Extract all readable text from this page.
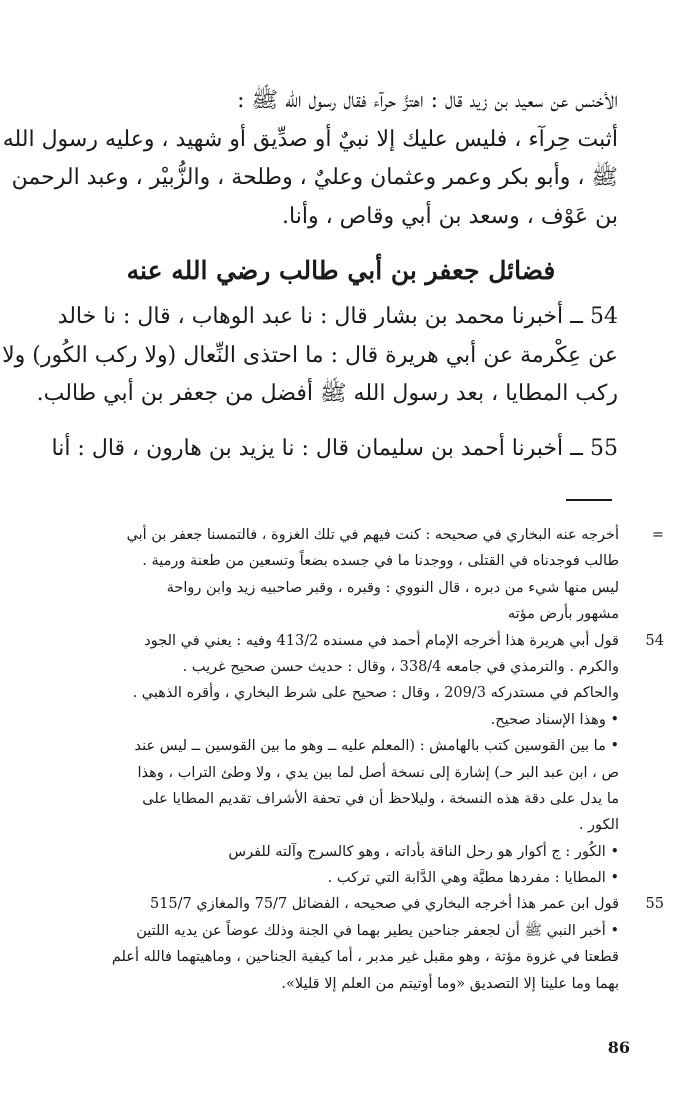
الأخنس عن سعيد بن زيد قال : اهتزَّ حرآء فقال رسول الله ﷺ :
أثبت حِرآء ، فليس عليك إلا نبيٌ أو صدِّيق أو شهيد ، وعليه رسول الله
ﷺ ، وأبو بكر وعمر وعثمان وعليٌ ، وطلحة ، والزُّبيْر ، وعبد الرحمن
بن عَوْف ، وسعد بن أبي وقاص ، وأنا.
فضائل جعفر بن أبي طالب رضي الله عنه
54 ــ أخبرنا محمد بن بشار قال : نا عبد الوهاب ، قال : نا خالد
عن عِكْرمة عن أبي هريرة قال : ما احتذى النِّعال (ولا ركب الكُور) ولا
ركب المطايا ، بعد رسول الله ﷺ أفضل من جعفر بن أبي طالب.
55 ــ أخبرنا أحمد بن سليمان قال : نا يزيد بن هارون ، قال : أنا
=
أخرجه عنه البخاري في صحيحه : كنت فيهم في تلك الغزوة ، فالتمسنا جعفر بن أبي
طالب فوجدناه في القتلى ، ووجدنا ما في جسده بضعاً وتسعين من طعنة ورمية .
ليس منها شيء من دبره ، قال النووي : وقبره ، وقبر صاحبيه زيد وابن رواحة
مشهور بأرض مؤته
54
قول أبي هريرة هذا أخرجه الإمام أحمد في مسنده 413/2 وفيه : يعني في الجود
والكرم . والترمذي في جامعه 338/4 ، وقال : حديث حسن صحيح غريب .
والحاكم في مستدركه 209/3 ، وقال : صحيح على شرط البخاري ، وأقره الذهبي .
• وهذا الإسناد صحيح.
• ما بين القوسين كتب بالهامش : (المعلم عليه ــ وهو ما بين القوسين ــ ليس عند
ص ، ابن عبد البر حـ) إشارة إلى نسخة أصل لما بين يدي ، ولا وطئ التراب ، وهذا
ما يدل على دقة هذه النسخة ، وليلاحظ أن في تحفة الأشراف تقديم المطايا على
الكور .
• الكُور : ج أكوار هو رحل الناقة بأداته ، وهو كالسرج وآلته للفرس
• المطايا : مفردها مطيَّة وهي الدَّابة التي تركب .
55
قول ابن عمر هذا أخرجه البخاري في صحيحه ، الفضائل 75/7 والمغازي 515/7
• أخبر النبي ﷺ أن لجعفر جناحين يطير بهما في الجنة وذلك عوضاً عن يديه اللتين
قطعتا في غزوة مؤتة ، وهو مقبل غير مدبر ، أما كيفية الجناحين ، وماهيتهما فالله أعلم
بهما وما علينا إلا التصديق «وما أوتيتم من العلم إلا قليلا».
86
